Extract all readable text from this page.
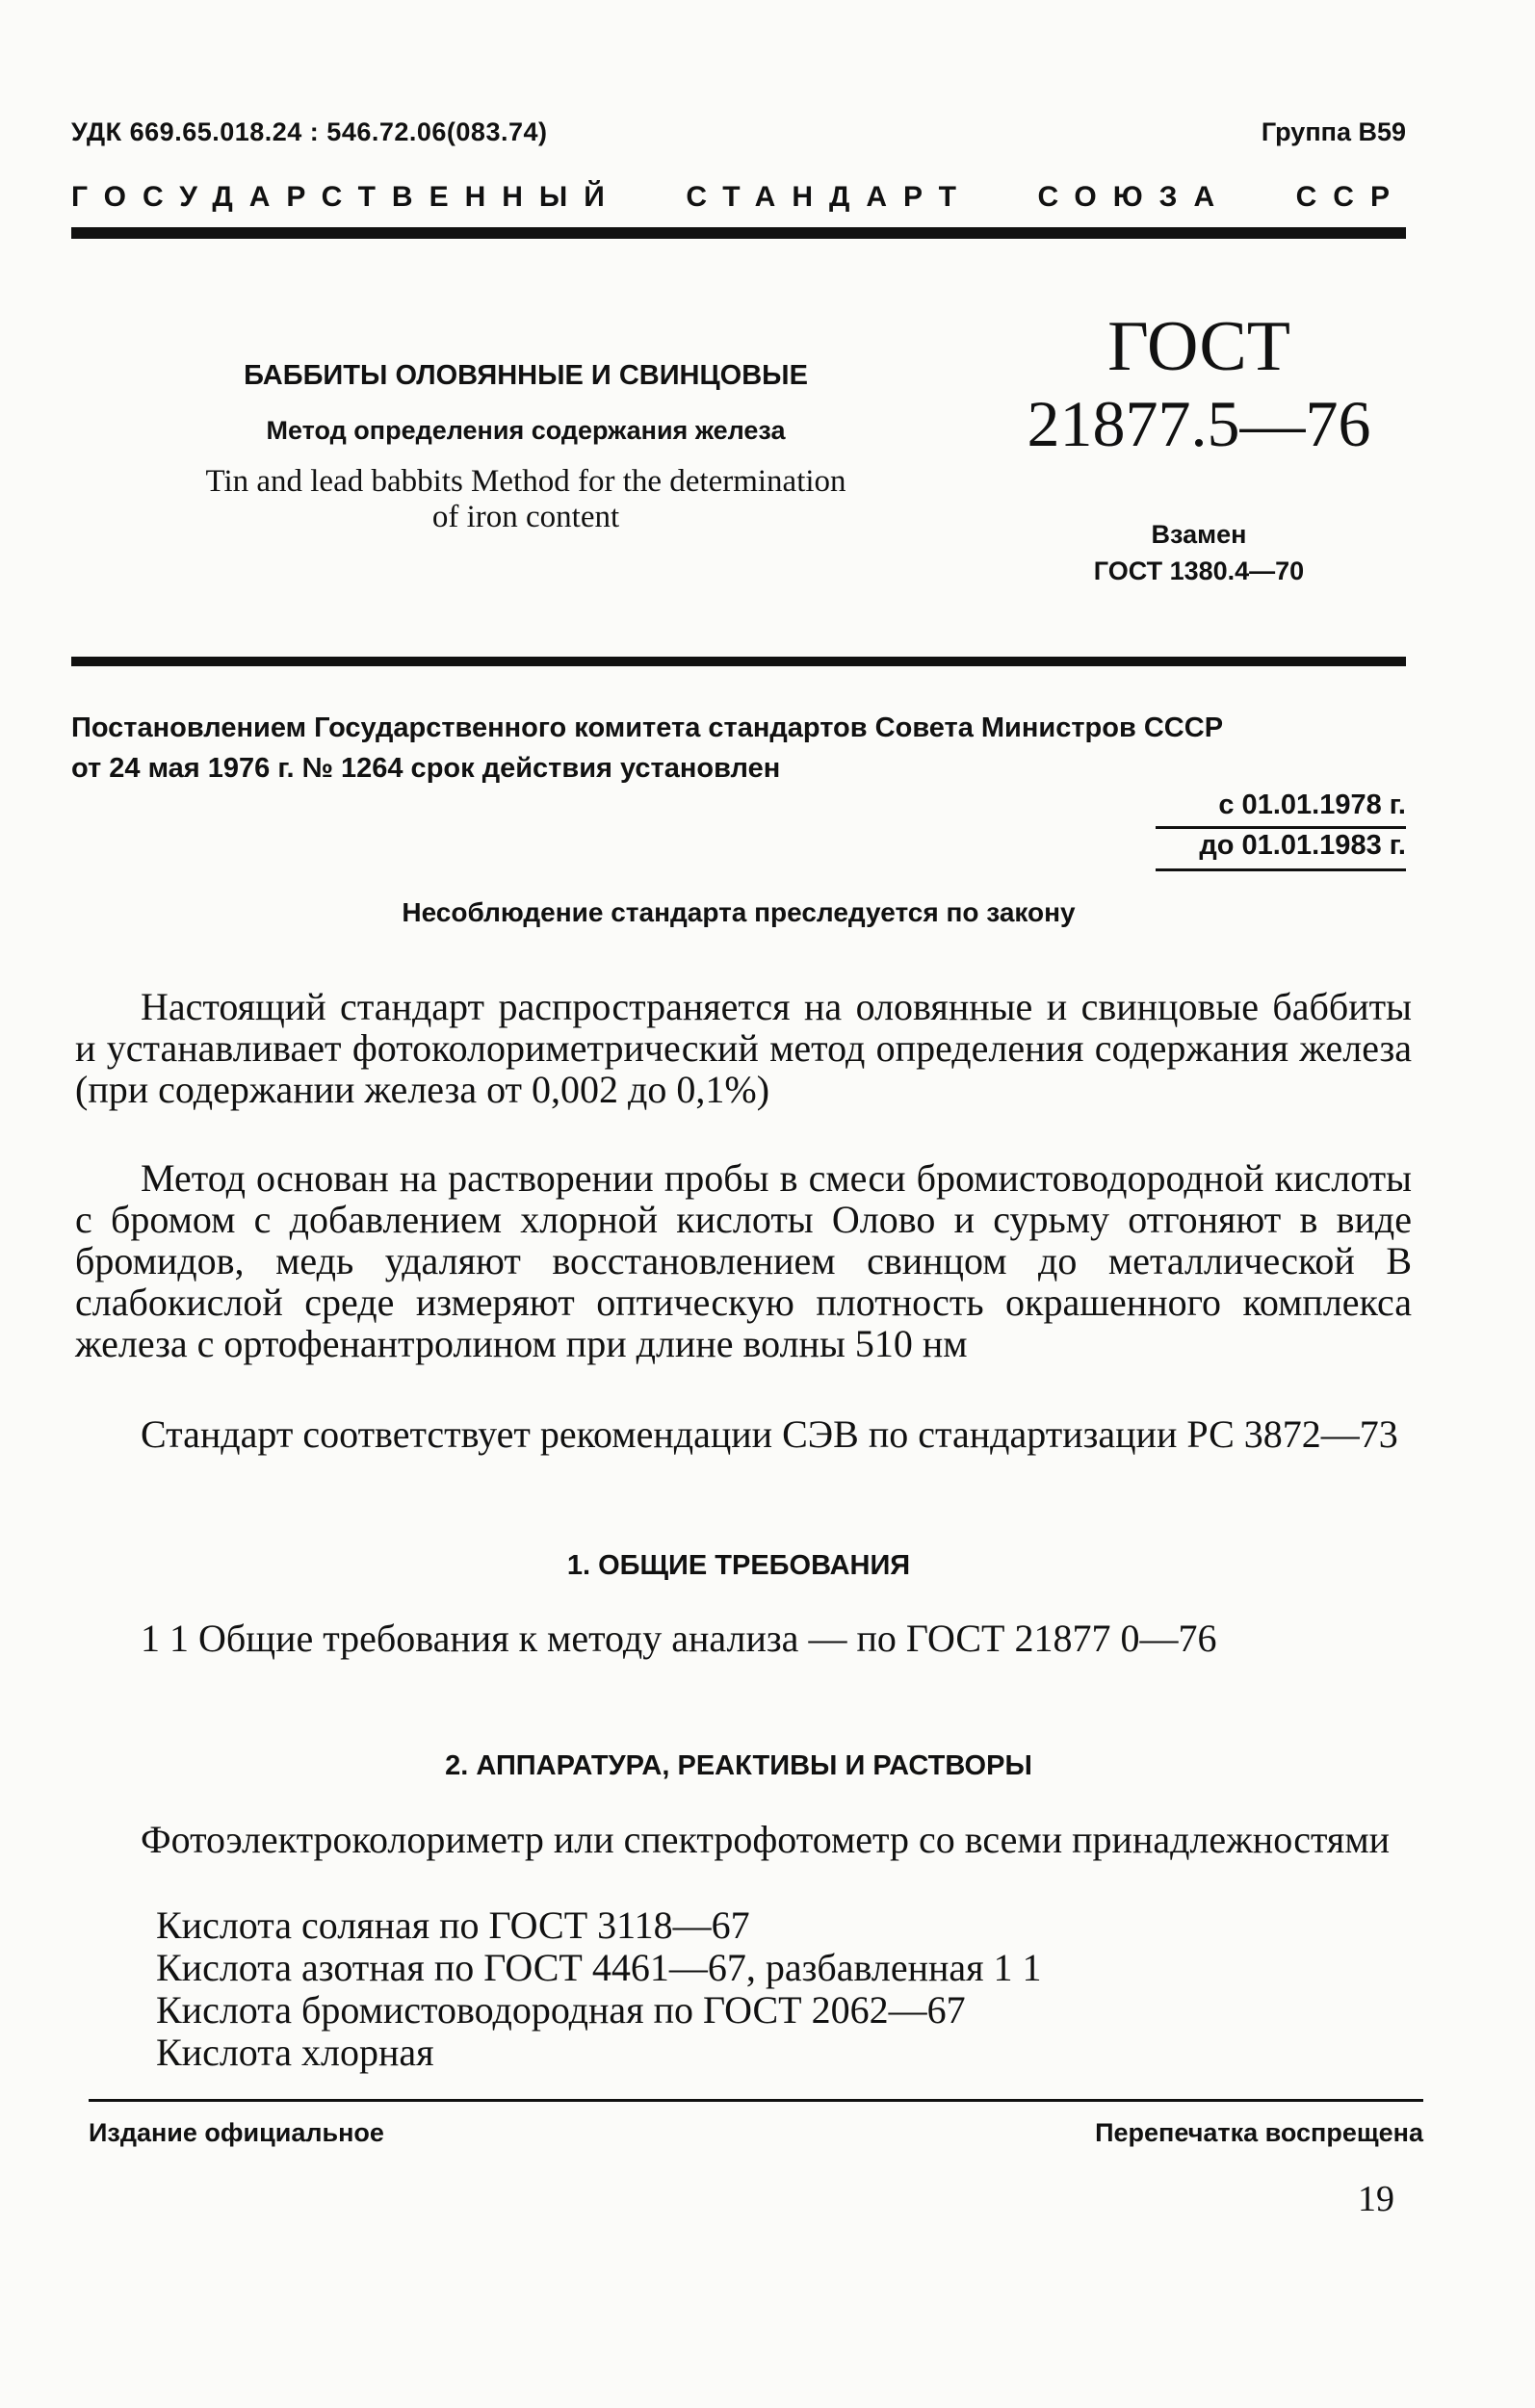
УДК 669.65.018.24 : 546.72.06(083.74)	Группа В59
ГОСУДАРСТВЕННЫЙ СТАНДАРТ СОЮЗА ССР
БАББИТЫ ОЛОВЯННЫЕ И СВИНЦОВЫЕ
Метод определения содержания железа
Tin and lead babbits Method for the determination
of iron content
ГОСТ
21877.5—76
Взамен
ГОСТ 1380.4—70
Постановлением Государственного комитета стандартов Совета Министров СССР
от 24 мая 1976 г. № 1264 срок действия установлен
с 01.01.1978 г.
до 01.01.1983 г.
Несоблюдение стандарта преследуется по закону
Настоящий стандарт распространяется на оловянные и свинцовые баббиты и устанавливает фотоколориметрический метод определения содержания железа (при содержании железа от 0,002 до 0,1%)
Метод основан на растворении пробы в смеси бромистоводородной кислоты с бромом с добавлением хлорной кислоты Олово и сурьму отгоняют в виде бромидов, медь удаляют восстановлением свинцом до металлической В слабокислой среде измеряют оптическую плотность окрашенного комплекса железа с ортофенантролином при длине волны 510 нм
Стандарт соответствует рекомендации СЭВ по стандартизации РС 3872—73
1. ОБЩИЕ ТРЕБОВАНИЯ
1 1 Общие требования к методу анализа — по ГОСТ 21877 0—76
2. АППАРАТУРА, РЕАКТИВЫ И РАСТВОРЫ
Фотоэлектроколориметр или спектрофотометр со всеми принадлежностями
Кислота соляная по ГОСТ 3118—67
Кислота азотная по ГОСТ 4461—67, разбавленная 1 1
Кислота бромистоводородная по ГОСТ 2062—67
Кислота хлорная
Издание официальное	Перепечатка воспрещена
19
